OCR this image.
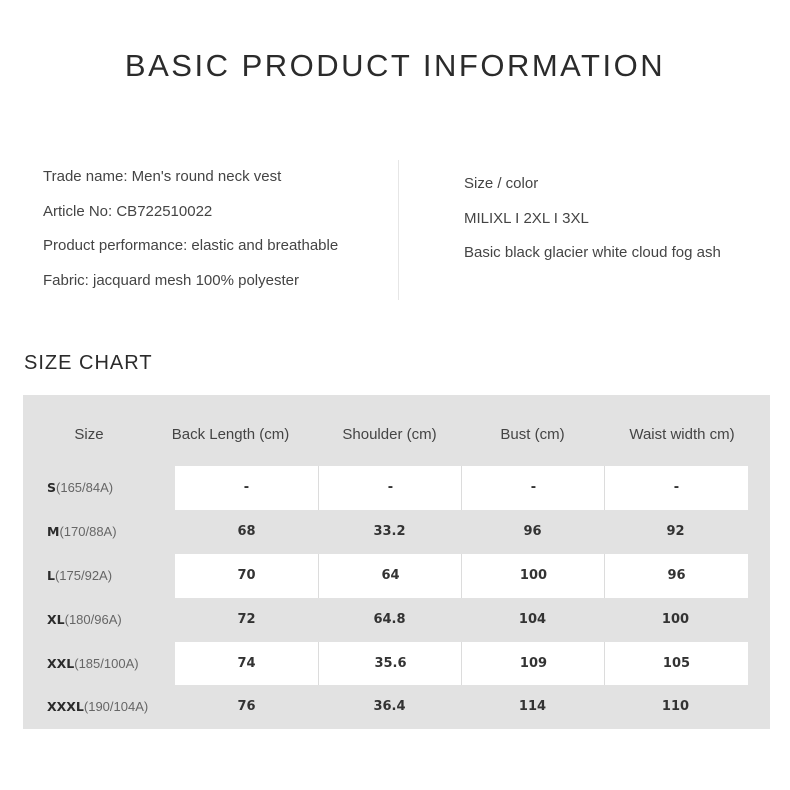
BASIC PRODUCT INFORMATION
Trade name: Men's round neck vest
Article No: CB722510022
Product performance: elastic and breathable
Fabric: jacquard mesh 100% polyester
Size / color
MILIXL I 2XL I 3XL
Basic black glacier white cloud fog ash
SIZE CHART
Size	Back Length (cm)	Shoulder (cm)	Bust (cm)	Waist width cm)
S(165/84A)	-	-	-	-
M(170/88A)	68	33.2	96	92
L(175/92A)	70	64	100	96
XL(180/96A)	72	64.8	104	100
XXL(185/100A)	74	35.6	109	105
XXXL(190/104A)	76	36.4	114	110
